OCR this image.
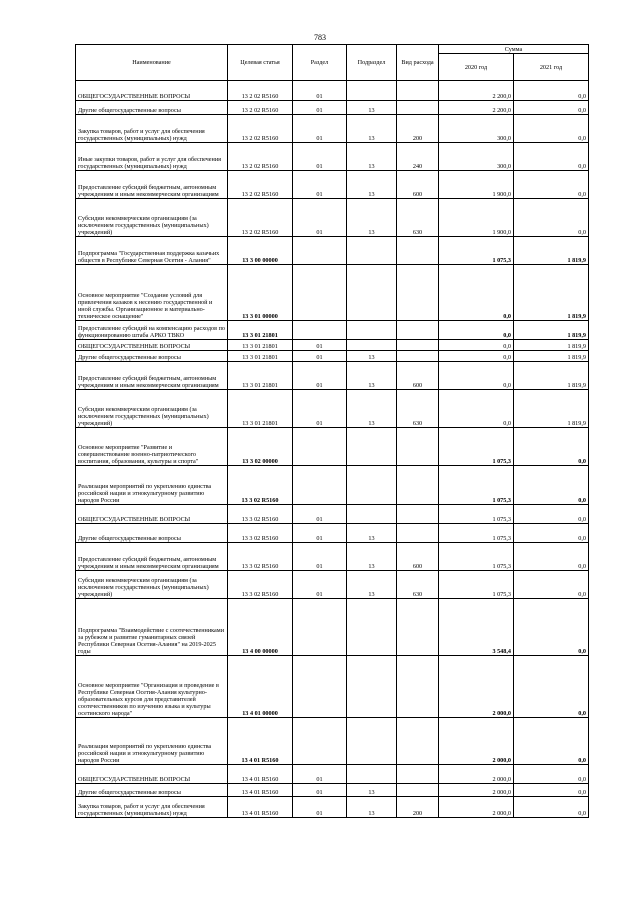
783
Наименование	Целевая статья	Раздел	Подраздел	Вид расхода	Сумма	
					2020 год	2021 год
ОБЩЕГОСУДАРСТВЕННЫЕ ВОПРОСЫ	13 2 02 R5160	01			2 200,0	0,0
Другие общегосударственные вопросы	13 2 02 R5160	01	13		2 200,0	0,0
Закупка товаров, работ и услуг для обеспечения государственных (муниципальных) нужд	13 2 02 R5160	01	13	200	300,0	0,0
Иные закупки товаров, работ и услуг для обеспечения государственных (муниципальных) нужд	13 2 02 R5160	01	13	240	300,0	0,0
Предоставление субсидий бюджетным, автономным учреждениям и иным некоммерческим организациям	13 2 02 R5160	01	13	600	1 900,0	0,0
Субсидии некоммерческим организациям (за исключением государственных (муниципальных) учреждений)	13 2 02 R5160	01	13	630	1 900,0	0,0
Подпрограмма "Государственная поддержка казачьих обществ в Республике Северная Осетия - Алания"	13 3 00 00000				1 075,3	1 819,9
Основное мероприятие "Создание условий для привлечения казаков к несению государственной и иной службы. Организационное и материально-техническое оснащение"	13 3 01 00000				0,0	1 819,9
Предоставление субсидий на компенсацию расходов по функционированию штаба АРКО ТВКО	13 3 01 21801				0,0	1 819,9
ОБЩЕГОСУДАРСТВЕННЫЕ ВОПРОСЫ	13 3 01 21801	01			0,0	1 819,9
Другие общегосударственные вопросы	13 3 01 21801	01	13		0,0	1 819,9
Предоставление субсидий бюджетным, автономным учреждениям и иным некоммерческим организациям	13 3 01 21801	01	13	600	0,0	1 819,9
Субсидии некоммерческим организациям (за исключением государственных (муниципальных) учреждений)	13 3 01 21801	01	13	630	0,0	1 819,9
Основное мероприятие "Развитие и совершенствование военно-патриотического воспитания, образования, культуры и спорта"	13 3 02 00000				1 075,3	0,0
Реализация мероприятий по укреплению единства российской нации и этнокультурному развитию народов России	13 3 02 R5160				1 075,3	0,0
ОБЩЕГОСУДАРСТВЕННЫЕ ВОПРОСЫ	13 3 02 R5160	01			1 075,3	0,0
Другие общегосударственные вопросы	13 3 02 R5160	01	13		1 075,3	0,0
Предоставление субсидий бюджетным, автономным учреждениям и иным некоммерческим организациям	13 3 02 R5160	01	13	600	1 075,3	0,0
Субсидии некоммерческим организациям (за исключением государственных (муниципальных) учреждений)	13 3 02 R5160	01	13	630	1 075,3	0,0
Подпрограмма "Взаимодействие с соотечественниками за рубежом и развитие гуманитарных связей Республики Северная Осетия-Алания" на 2019-2025 годы	13 4 00 00000				3 548,4	0,0
Основное мероприятие "Организация и проведение в Республике Северная Осетия-Алания культурно-образовательных курсов для представителей соотечественников по изучению языка и культуры осетинского народа"	13 4 01 00000				2 000,0	0,0
Реализация мероприятий по укреплению единства российской нации и этнокультурному развитию народов России	13 4 01 R5160				2 000,0	0,0
ОБЩЕГОСУДАРСТВЕННЫЕ ВОПРОСЫ	13 4 01 R5160	01			2 000,0	0,0
Другие общегосударственные вопросы	13 4 01 R5160	01	13		2 000,0	0,0
Закупка товаров, работ и услуг для обеспечения государственных (муниципальных) нужд	13 4 01 R5160	01	13	200	2 000,0	0,0
